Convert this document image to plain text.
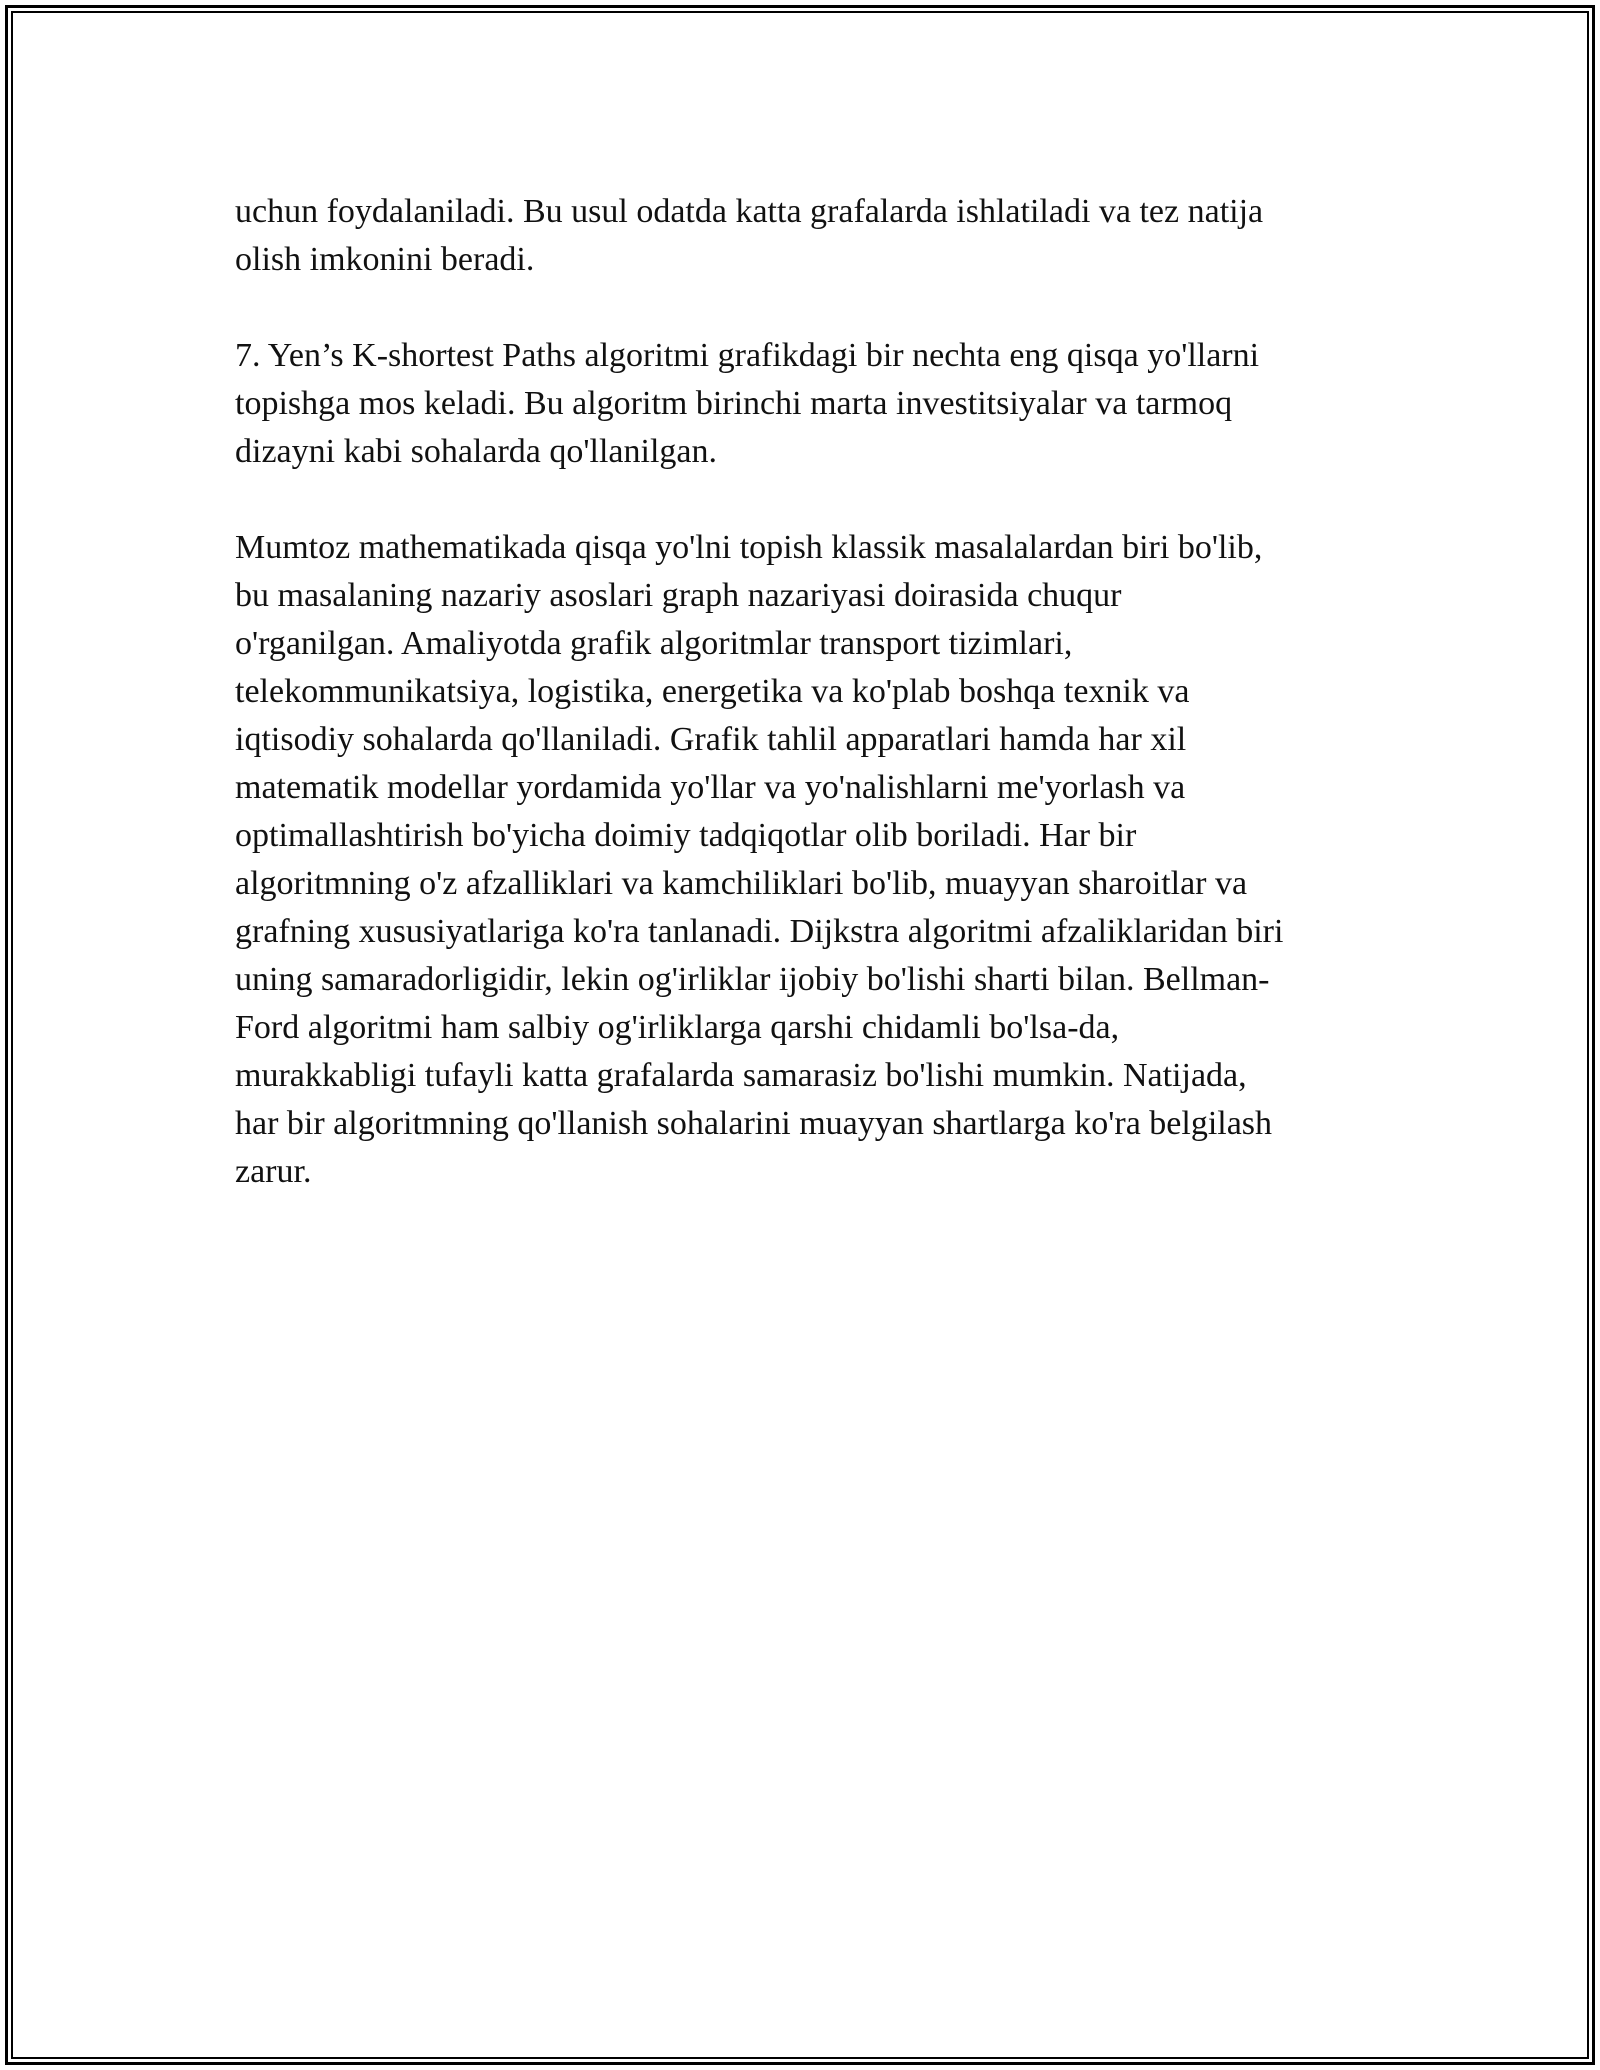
uchun foydalaniladi. Bu usul odatda katta grafalarda ishlatiladi va tez natija
olish imkonini beradi.

7. Yen’s K-shortest Paths algoritmi grafikdagi bir nechta eng qisqa yo'llarni
topishga mos keladi. Bu algoritm birinchi marta investitsiyalar va tarmoq
dizayni kabi sohalarda qo'llanilgan.

Mumtoz mathematikada qisqa yo'lni topish klassik masalalardan biri bo'lib,
bu masalaning nazariy asoslari graph nazariyasi doirasida chuqur
o'rganilgan. Amaliyotda grafik algoritmlar transport tizimlari,
telekommunikatsiya, logistika, energetika va ko'plab boshqa texnik va
iqtisodiy sohalarda qo'llaniladi. Grafik tahlil apparatlari hamda har xil
matematik modellar yordamida yo'llar va yo'nalishlarni me'yorlash va
optimallashtirish bo'yicha doimiy tadqiqotlar olib boriladi. Har bir
algoritmning o'z afzalliklari va kamchiliklari bo'lib, muayyan sharoitlar va
grafning xususiyatlariga ko'ra tanlanadi. Dijkstra algoritmi afzaliklaridan biri
uning samaradorligidir, lekin og'irliklar ijobiy bo'lishi sharti bilan. Bellman-
Ford algoritmi ham salbiy og'irliklarga qarshi chidamli bo'lsa-da,
murakkabligi tufayli katta grafalarda samarasiz bo'lishi mumkin. Natijada,
har bir algoritmning qo'llanish sohalarini muayyan shartlarga ko'ra belgilash
zarur.
